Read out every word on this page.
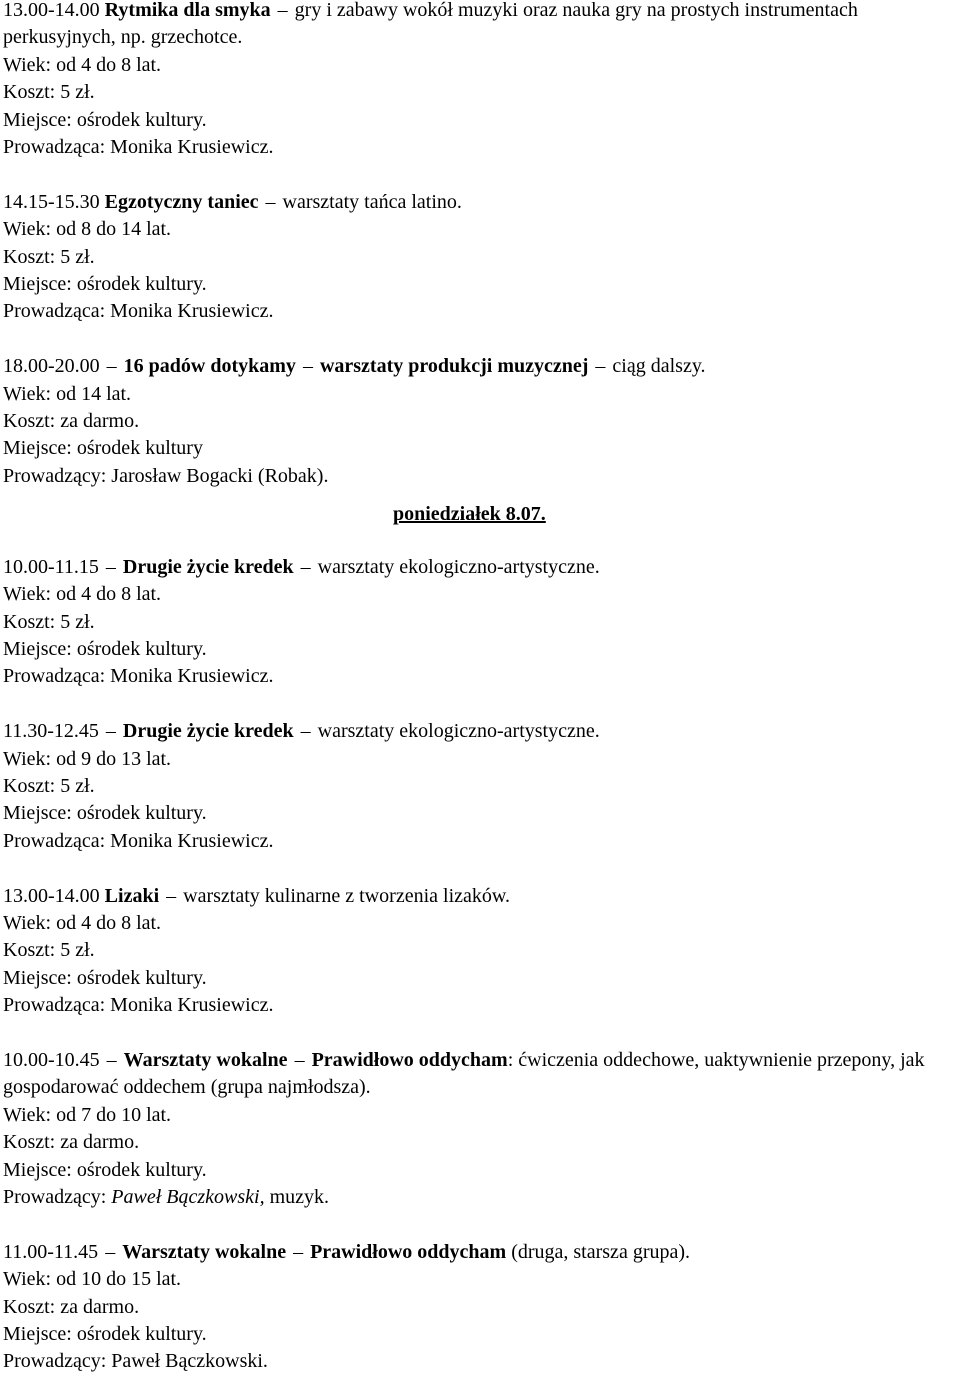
13.00-14.00 Rytmika dla smyka – gry i zabawy wokół muzyki oraz nauka gry na prostych instrumentach perkusyjnych, np. grzechotce.
Wiek: od 4 do 8 lat.
Koszt: 5 zł.
Miejsce: ośrodek kultury.
Prowadząca: Monika Krusiewicz.
14.15-15.30 Egzotyczny taniec – warsztaty tańca latino.
Wiek: od 8 do 14 lat.
Koszt: 5 zł.
Miejsce: ośrodek kultury.
Prowadząca: Monika Krusiewicz.
18.00-20.00 – 16 padów dotykamy – warsztaty produkcji muzycznej – ciąg dalszy.
Wiek: od 14 lat.
Koszt: za darmo.
Miejsce: ośrodek kultury
Prowadzący: Jarosław Bogacki (Robak).
poniedziałek 8.07.
10.00-11.15 – Drugie życie kredek – warsztaty ekologiczno-artystyczne.
Wiek: od 4 do 8 lat.
Koszt: 5 zł.
Miejsce: ośrodek kultury.
Prowadząca: Monika Krusiewicz.
11.30-12.45 – Drugie życie kredek – warsztaty ekologiczno-artystyczne.
Wiek: od 9 do 13 lat.
Koszt: 5 zł.
Miejsce: ośrodek kultury.
Prowadząca: Monika Krusiewicz.
13.00-14.00 Lizaki – warsztaty kulinarne z tworzenia lizaków.
Wiek: od 4 do 8 lat.
Koszt: 5 zł.
Miejsce: ośrodek kultury.
Prowadząca: Monika Krusiewicz.
10.00-10.45 – Warsztaty wokalne – Prawidłowo oddycham: ćwiczenia oddechowe, uaktywnienie przepony, jak gospodarować oddechem (grupa najmłodsza).
Wiek: od 7 do 10 lat.
Koszt: za darmo.
Miejsce: ośrodek kultury.
Prowadzący: Paweł Bączkowski, muzyk.
11.00-11.45 – Warsztaty wokalne – Prawidłowo oddycham (druga, starsza grupa).
Wiek: od 10 do 15 lat.
Koszt: za darmo.
Miejsce: ośrodek kultury.
Prowadzący: Paweł Bączkowski.
